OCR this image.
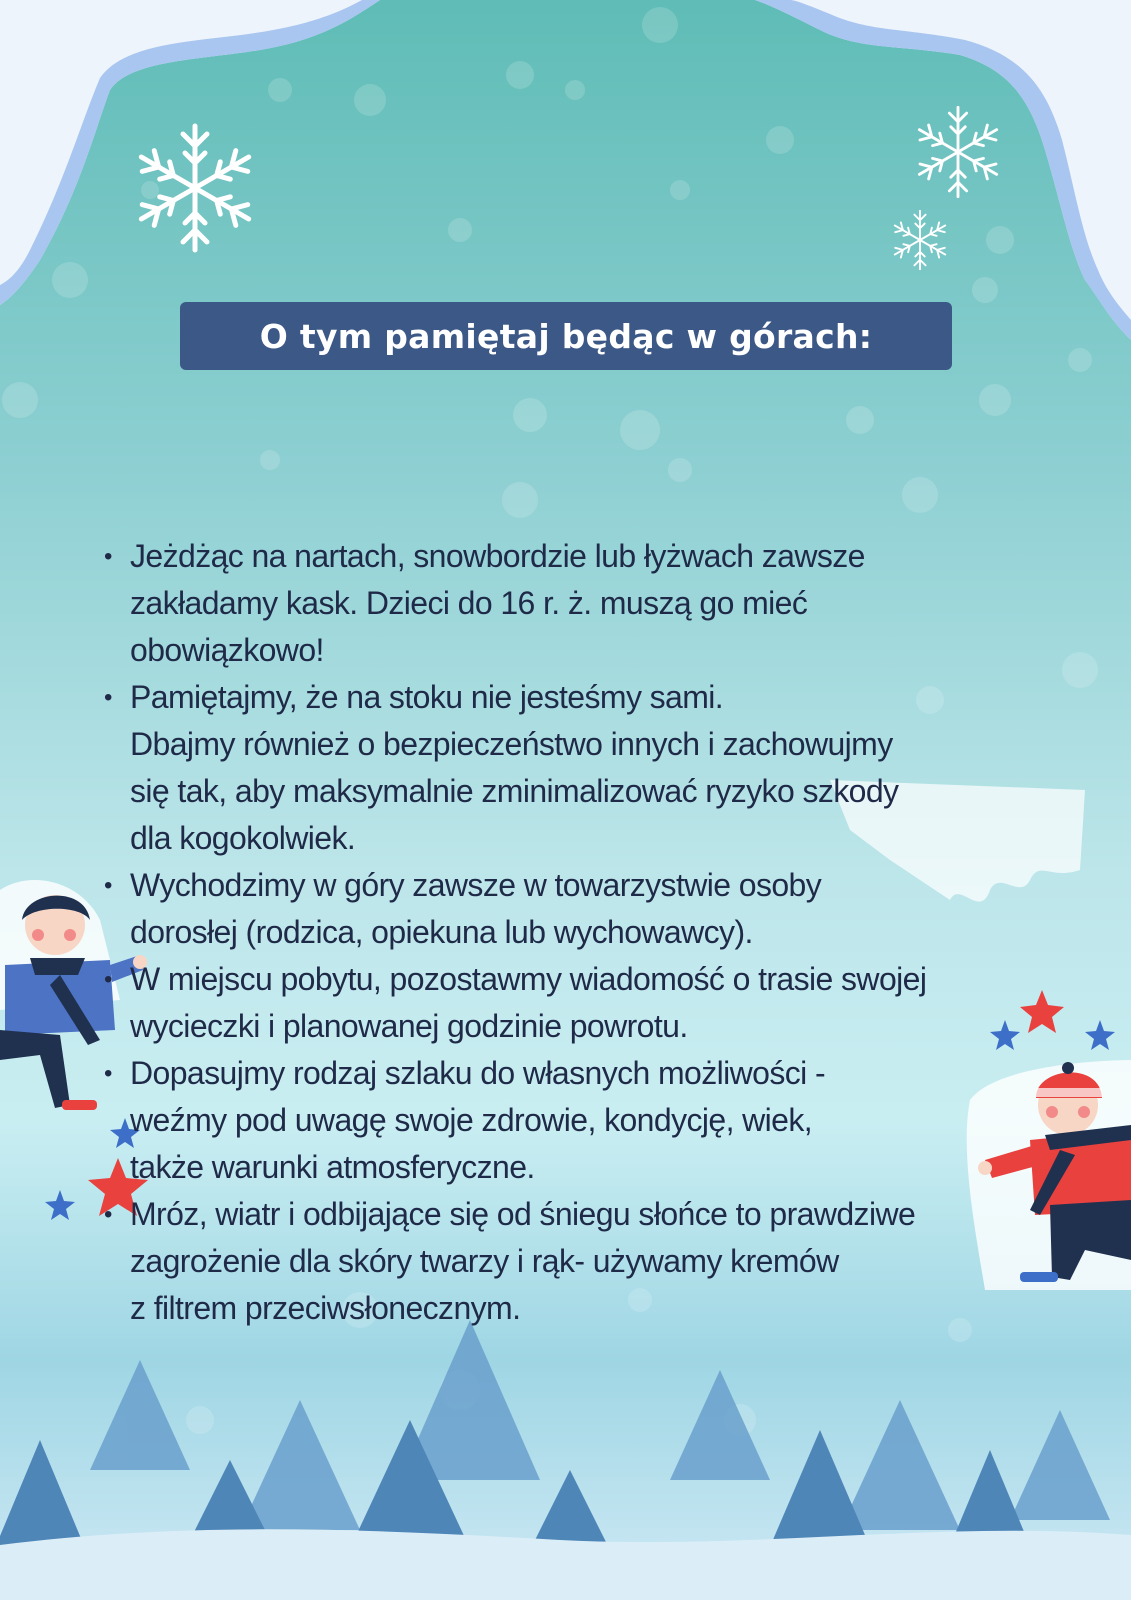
O tym pamiętaj będąc w górach:
• Jeżdżąc na nartach, snowbordzie lub łyżwach zawsze
zakładamy kask. Dzieci do 16 r. ż. muszą go mieć
obowiązkowo!
• Pamiętajmy, że na stoku nie jesteśmy sami.
Dbajmy również o bezpieczeństwo innych i zachowujmy
się tak, aby maksymalnie zminimalizować ryzyko szkody
dla kogokolwiek.
• Wychodzimy w góry zawsze w towarzystwie osoby
dorosłej (rodzica, opiekuna lub wychowawcy).
• W miejscu pobytu, pozostawmy wiadomość o trasie swojej
wycieczki i planowanej godzinie powrotu.
• Dopasujmy rodzaj szlaku do własnych możliwości -
weźmy pod uwagę swoje zdrowie, kondycję, wiek,
także warunki atmosferyczne.
• Mróz, wiatr i odbijające się od śniegu słońce to prawdziwe
zagrożenie dla skóry twarzy i rąk- używamy kremów
z filtrem przeciwsłonecznym.
